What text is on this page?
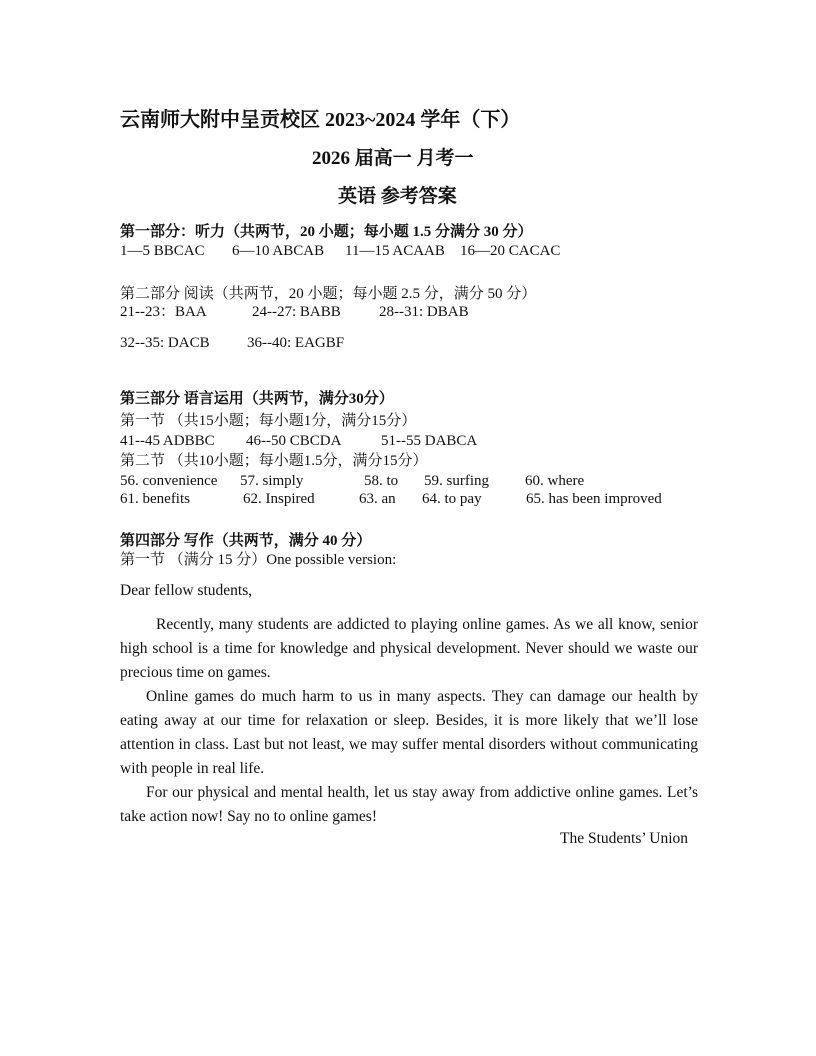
云南师大附中呈贡校区 2023~2024 学年（下）
2026 届高一 月考一
英语 参考答案
第一部分：听力（共两节，20 小题；每小题 1.5 分满分 30 分）
1—5 BBCAC 6—10 ABCAB 11—15 ACAAB 16—20 CACAC
第二部分 阅读（共两节，20 小题；每小题 2.5 分，满分 50 分）
21--23：BAA	24--27: BABB	28--31: DBAB
32--35: DACB 36--40: EAGBF
第三部分 语言运用（共两节，满分30分）
第一节 （共15小题；每小题1分，满分15分）
41--45 ADBBC 46--50 CBCDA	51--55 DABCA
第二节 （共10小题；每小题1.5分，满分15分）
56. convenience 57. simply	58. to 59. surfing 60. where
61. benefits	62. Inspired	63. an 64. to pay	65. has been improved
第四部分 写作（共两节，满分 40 分）
第一节 （满分 15 分）One possible version:
Dear fellow students,
Recently, many students are addicted to playing online games. As we all know, senior high school is a time for knowledge and physical development. Never should we waste our precious time on games.
Online games do much harm to us in many aspects. They can damage our health by eating away at our time for relaxation or sleep. Besides, it is more likely that we’ll lose attention in class. Last but not least, we may suffer mental disorders without communicating with people in real life.
For our physical and mental health, let us stay away from addictive online games. Let’s take action now! Say no to online games!
The Students’ Union
